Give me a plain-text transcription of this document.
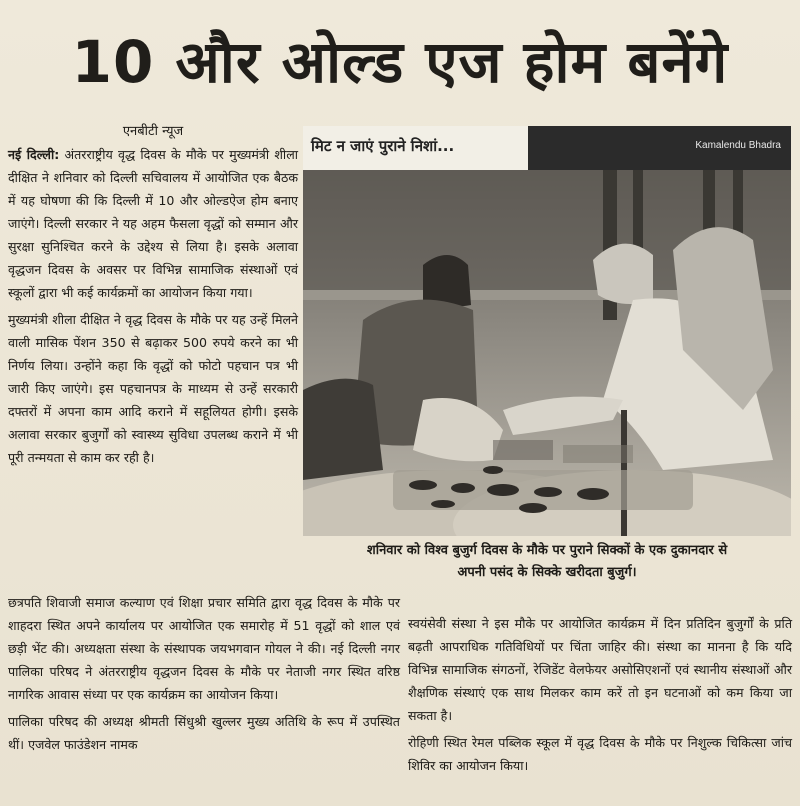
10 और ओल्ड एज होम बनेंगे
एनबीटी न्यूज

नई दिल्ली: अंतरराष्ट्रीय वृद्ध दिवस के मौके पर मुख्यमंत्री शीला दीक्षित ने शनिवार को दिल्ली सचिवालय में आयोजित एक बैठक में यह घोषणा की कि दिल्ली में 10 और ओल्डऐज होम बनाए जाएंगे। दिल्ली सरकार ने यह अहम फैसला वृद्धों को सम्मान और सुरक्षा सुनिश्चित करने के उद्देश्य से लिया है। इसके अलावा वृद्धजन दिवस के अवसर पर विभिन्न सामाजिक संस्थाओं एवं स्कूलों द्वारा भी कई कार्यक्रमों का आयोजन किया गया।

मुख्यमंत्री शीला दीक्षित ने वृद्ध दिवस के मौके पर यह उन्हें मिलने वाली मासिक पेंशन 350 से बढ़ाकर 500 रुपये करने का भी निर्णय लिया। उन्होंने कहा कि वृद्धों को फोटो पहचान पत्र भी जारी किए जाएंगे। इस पहचानपत्र के माध्यम से उन्हें सरकारी दफ्तरों में अपना काम आदि कराने में सहूलियत होगी। इसके अलावा सरकार बुजुर्गों को स्वास्थ्य सुविधा उपलब्ध कराने में भी पूरी तन्मयता से काम कर रही है।

मिट न जाएं पुराने निशां...	Kamalendu Bhadra
शनिवार को विश्व बुजुर्ग दिवस के मौके पर पुराने सिक्कों के एक दुकानदार से
अपनी पसंद के सिक्के खरीदता बुजुर्ग।

छत्रपति शिवाजी समाज कल्याण एवं शिक्षा प्रचार समिति द्वारा वृद्ध दिवस के मौके पर शाहदरा स्थित अपने कार्यालय पर आयोजित एक समारोह में 51 वृद्धों को शाल एवं छड़ी भेंट की। अध्यक्षता संस्था के संस्थापक जयभगवान गोयल ने की। नई दिल्ली नगर पालिका परिषद ने अंतरराष्ट्रीय वृद्धजन दिवस के मौके पर नेताजी नगर स्थित वरिष्ठ नागरिक आवास संध्या पर एक कार्यक्रम का आयोजन किया।

पालिका परिषद की अध्यक्ष श्रीमती सिंधुश्री खुल्लर मुख्य अतिथि के रूप में उपस्थित थीं। एजवेल फाउंडेशन नामक

स्वयंसेवी संस्था ने इस मौके पर आयोजित कार्यक्रम में दिन प्रतिदिन बुजुर्गों के प्रति बढ़ती आपराधिक गतिविधियों पर चिंता जाहिर की। संस्था का मानना है कि यदि विभिन्न सामाजिक संगठनों, रेजिडेंट वेलफेयर असोसिएशनों एवं स्थानीय संस्थाओं और शैक्षणिक संस्थाएं एक साथ मिलकर काम करें तो इन घटनाओं को कम किया जा सकता है।

रोहिणी स्थित रेमल पब्लिक स्कूल में वृद्ध दिवस के मौके पर निशुल्क चिकित्सा जांच शिविर का आयोजन किया।
